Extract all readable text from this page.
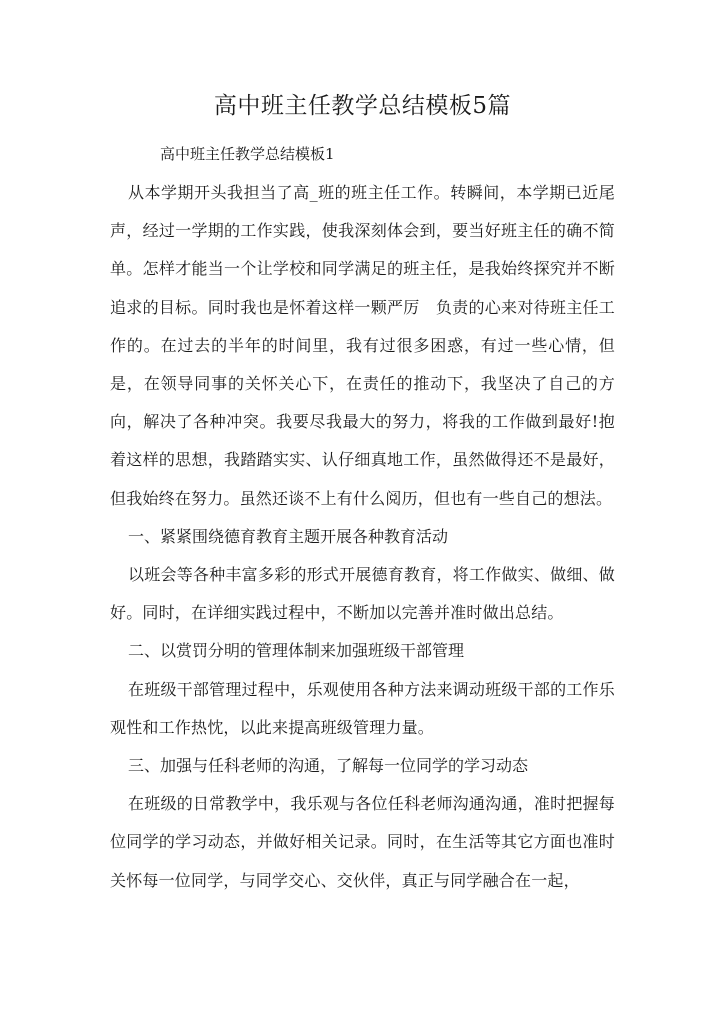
高中班主任教学总结模板5篇

高中班主任教学总结模板1

从本学期开头我担当了高_班的班主任工作。转瞬间，本学期已近尾声，经过一学期的工作实践，使我深刻体会到，要当好班主任的确不简单。怎样才能当一个让学校和同学满足的班主任，是我始终探究并不断追求的目标。同时我也是怀着这样一颗严厉　负责的心来对待班主任工作的。在过去的半年的时间里，我有过很多困惑，有过一些心情，但是，在领导同事的关怀关心下，在责任的推动下，我坚决了自己的方向，解决了各种冲突。我要尽我最大的努力，将我的工作做到最好!抱着这样的思想，我踏踏实实、认仔细真地工作，虽然做得还不是最好，但我始终在努力。虽然还谈不上有什么阅历，但也有一些自己的想法。

一、紧紧围绕德育教育主题开展各种教育活动

以班会等各种丰富多彩的形式开展德育教育，将工作做实、做细、做好。同时，在详细实践过程中，不断加以完善并准时做出总结。

二、以赏罚分明的管理体制来加强班级干部管理

在班级干部管理过程中，乐观使用各种方法来调动班级干部的工作乐观性和工作热忱，以此来提高班级管理力量。

三、加强与任科老师的沟通，了解每一位同学的学习动态

在班级的日常教学中，我乐观与各位任科老师沟通沟通，准时把握每位同学的学习动态，并做好相关记录。同时，在生活等其它方面也准时关怀每一位同学，与同学交心、交伙伴，真正与同学融合在一起，
